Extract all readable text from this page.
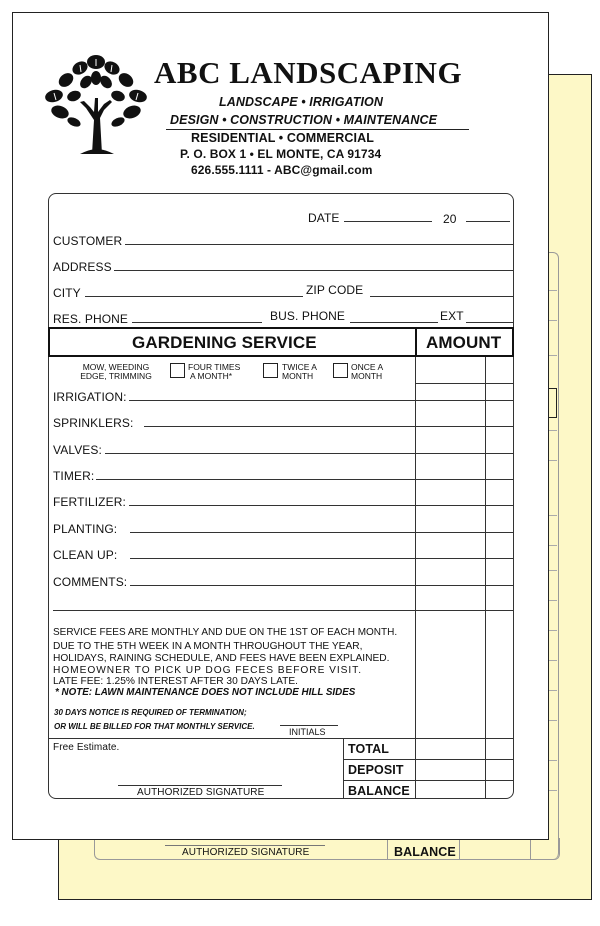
AUTHORIZED SIGNATURE	BALANCE
ABC LANDSCAPING
LANDSCAPE • IRRIGATION
DESIGN • CONSTRUCTION • MAINTENANCE
RESIDENTIAL • COMMERCIAL
P. O. BOX 1 • EL MONTE, CA 91734
626.555.1111 - ABC@gmail.com
DATE	20
CUSTOMER
ADDRESS
CITY	ZIP CODE
RES. PHONE	BUS. PHONE	EXT
GARDENING SERVICE	AMOUNT
MOW, WEEDING
EDGE, TRIMMING
FOUR TIMES
A MONTH*
TWICE A
MONTH
ONCE A
MONTH
IRRIGATION:
SPRINKLERS:
VALVES:
TIMER:
FERTILIZER:
PLANTING:
CLEAN UP:
COMMENTS:
SERVICE FEES ARE MONTHLY AND DUE ON THE 1ST OF EACH MONTH.
DUE TO THE 5TH WEEK IN A MONTH THROUGHOUT THE YEAR,
HOLIDAYS, RAINING SCHEDULE, AND FEES HAVE BEEN EXPLAINED.
HOMEOWNER TO PICK UP DOG FECES BEFORE VISIT.
LATE FEE: 1.25% INTEREST AFTER 30 DAYS LATE.
* NOTE: LAWN MAINTENANCE DOES NOT INCLUDE HILL SIDES
30 DAYS NOTICE IS REQUIRED OF TERMINATION;
OR WILL BE BILLED FOR THAT MONTHLY SERVICE.
INITIALS
Free Estimate.
AUTHORIZED SIGNATURE
TOTAL
DEPOSIT
BALANCE
